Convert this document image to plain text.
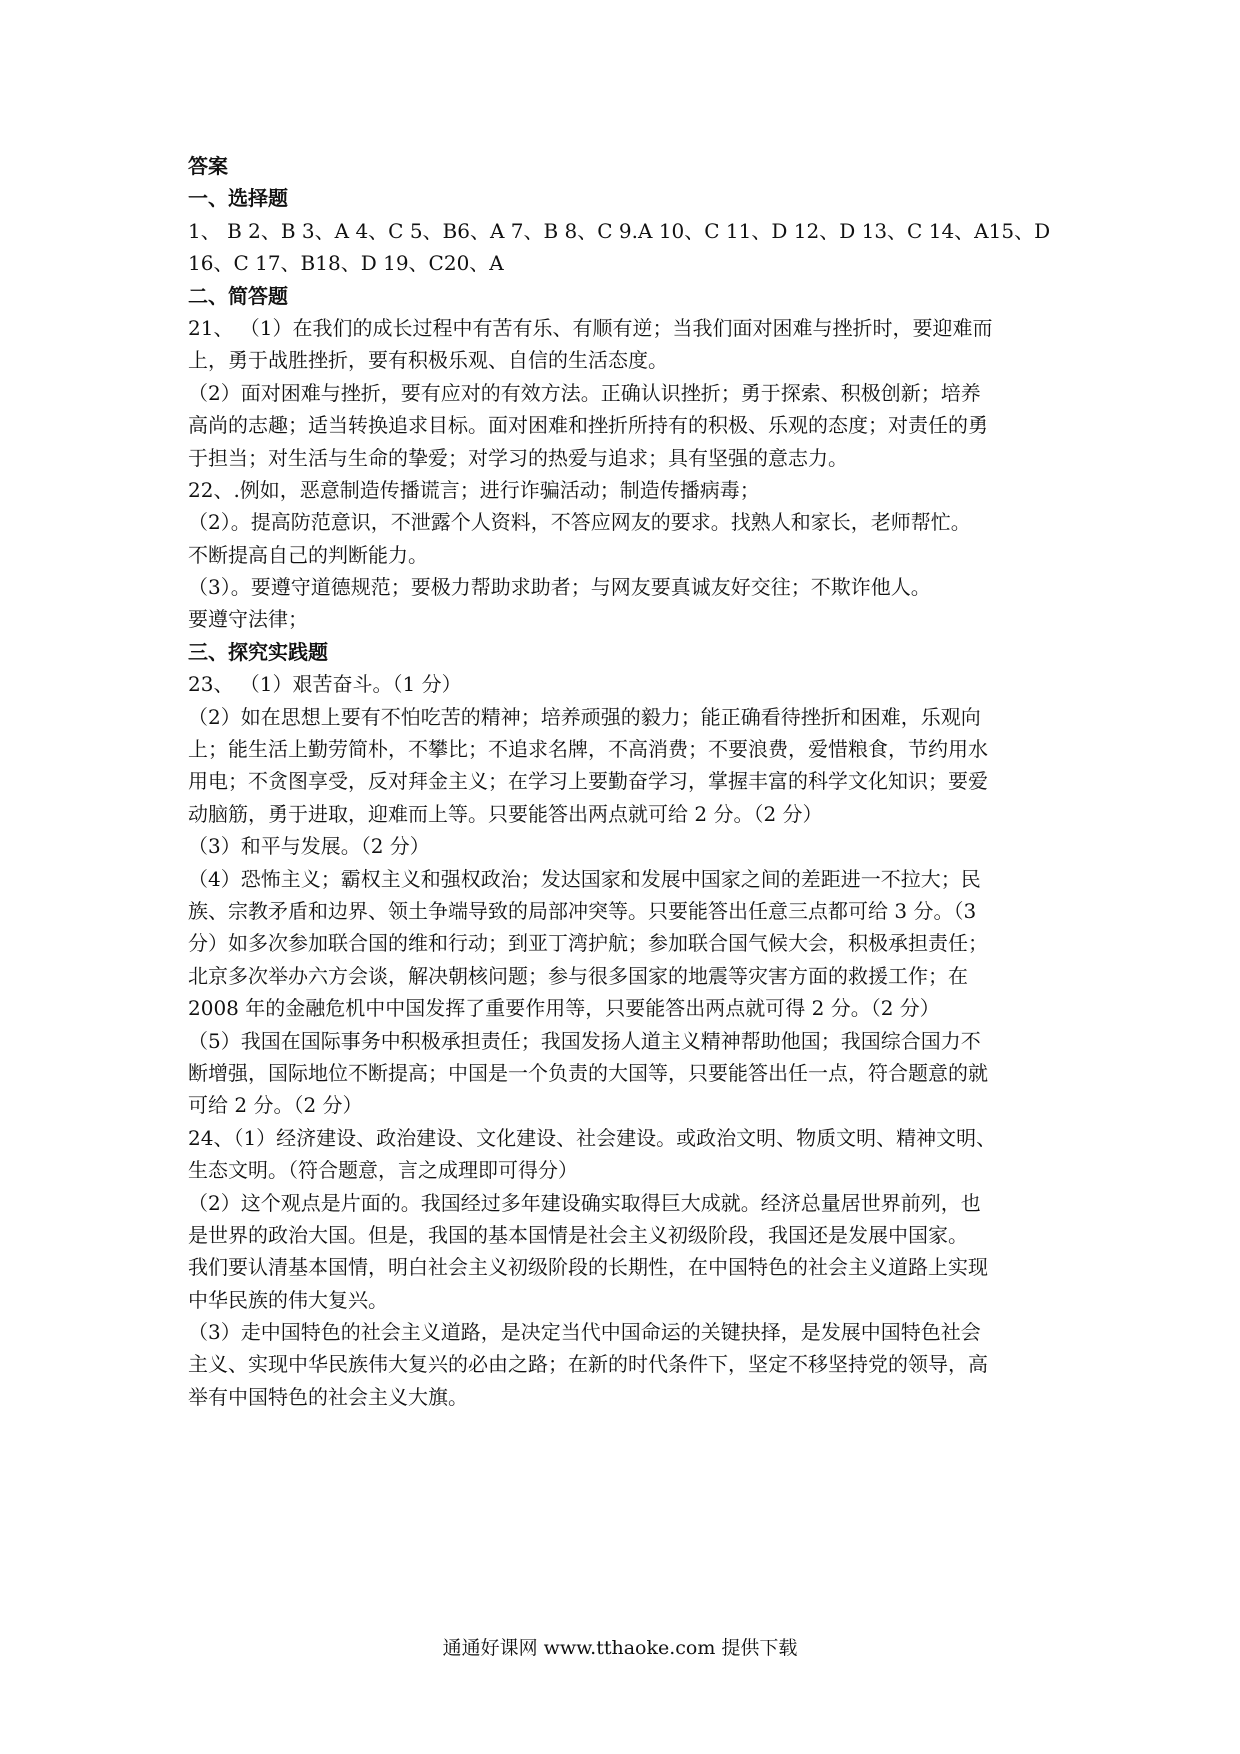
答案
一、选择题
1、 B 2、B 3、A 4、C 5、B6、A 7、B 8、C 9.A 10、C 11、D 12、D 13、C 14、A15、D
16、C 17、B18、D 19、C20、A
二、简答题
21、 （1）在我们的成长过程中有苦有乐、有顺有逆；当我们面对困难与挫折时，要迎难而
上，勇于战胜挫折，要有积极乐观、自信的生活态度。
（2）面对困难与挫折，要有应对的有效方法。正确认识挫折；勇于探索、积极创新；培养
高尚的志趣；适当转换追求目标。面对困难和挫折所持有的积极、乐观的态度；对责任的勇
于担当；对生活与生命的挚爱；对学习的热爱与追求；具有坚强的意志力。
22、.例如，恶意制造传播谎言；进行诈骗活动；制造传播病毒；
（2）。提高防范意识，不泄露个人资料，不答应网友的要求。找熟人和家长，老师帮忙。
不断提高自己的判断能力。
（3）。要遵守道德规范；要极力帮助求助者；与网友要真诚友好交往；不欺诈他人。
要遵守法律；
三、探究实践题
23、 （1）艰苦奋斗。（1 分）
（2）如在思想上要有不怕吃苦的精神；培养顽强的毅力；能正确看待挫折和困难，乐观向
上；能生活上勤劳简朴，不攀比；不追求名牌，不高消费；不要浪费，爱惜粮食，节约用水
用电；不贪图享受，反对拜金主义；在学习上要勤奋学习，掌握丰富的科学文化知识；要爱
动脑筋，勇于进取，迎难而上等。只要能答出两点就可给 2 分。（2 分）
（3）和平与发展。（2 分）
（4）恐怖主义；霸权主义和强权政治；发达国家和发展中国家之间的差距进一不拉大；民
族、宗教矛盾和边界、领土争端导致的局部冲突等。只要能答出任意三点都可给 3 分。（3
分）如多次参加联合国的维和行动；到亚丁湾护航；参加联合国气候大会，积极承担责任；
北京多次举办六方会谈，解决朝核问题；参与很多国家的地震等灾害方面的救援工作；在
2008 年的金融危机中中国发挥了重要作用等，只要能答出两点就可得 2 分。（2 分）
（5）我国在国际事务中积极承担责任；我国发扬人道主义精神帮助他国；我国综合国力不
断增强，国际地位不断提高；中国是一个负责的大国等，只要能答出任一点，符合题意的就
可给 2 分。（2 分）
24、（1）经济建设、政治建设、文化建设、社会建设。或政治文明、物质文明、精神文明、
生态文明。（符合题意，言之成理即可得分）
（2）这个观点是片面的。我国经过多年建设确实取得巨大成就。经济总量居世界前列，也
是世界的政治大国。但是，我国的基本国情是社会主义初级阶段，我国还是发展中国家。
我们要认清基本国情，明白社会主义初级阶段的长期性，在中国特色的社会主义道路上实现
中华民族的伟大复兴。
（3）走中国特色的社会主义道路，是决定当代中国命运的关键抉择，是发展中国特色社会
主义、实现中华民族伟大复兴的必由之路；在新的时代条件下，坚定不移坚持党的领导，高
举有中国特色的社会主义大旗。
通通好课网 www.tthaoke.com 提供下载
